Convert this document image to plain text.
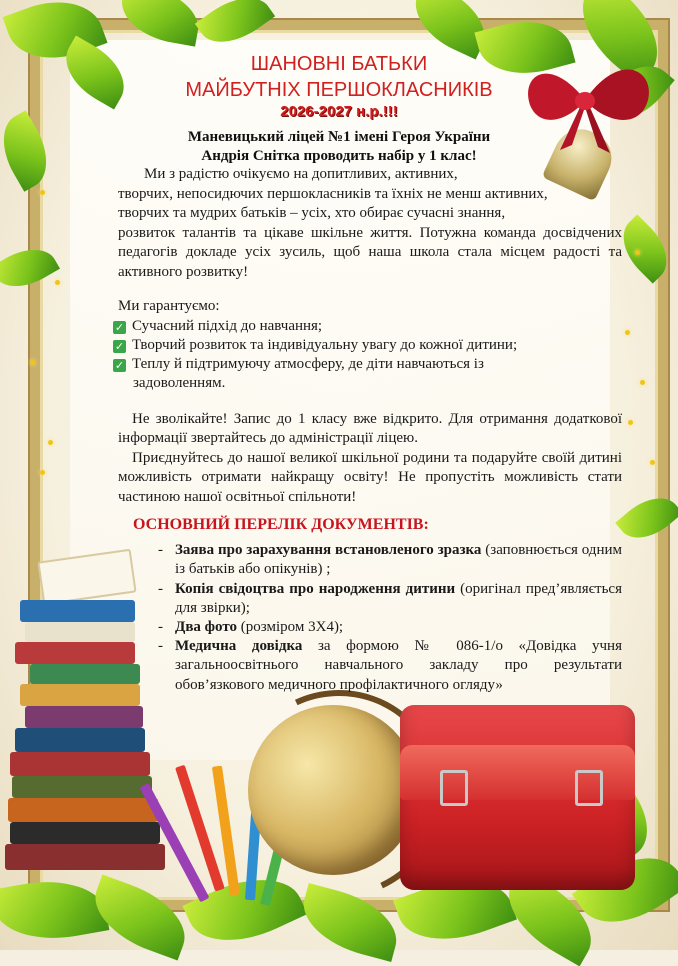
ШАНОВНІ БАТЬКИ
МАЙБУТНІХ ПЕРШОКЛАСНИКІВ
2026-2027 н.р.!!!
Маневицький ліцей №1 імені Героя України
Андрія Снітка проводить набір у 1 клас!
Ми з радістю очікуємо на допитливих, активних,
творчих, непосидючих першокласників та їхніх не менш активних,
творчих та мудрих батьків – усіх, хто обирає сучасні знання,
розвиток талантів та цікаве шкільне життя. Потужна команда досвідчених педагогів докладе усіх зусиль, щоб наша школа стала місцем радості та активного розвитку!
Ми гарантуємо:
✓ Сучасний підхід до навчання;
✓ Творчий розвиток та індивідуальну увагу до кожної дитини;
✓ Теплу й підтримуючу атмосферу, де діти навчаються із
задоволенням.
Не зволікайте! Запис до 1 класу вже відкрито. Для отримання додаткової інформації звертайтесь до адміністрації ліцею.
Приєднуйтесь до нашої великої шкільної родини та подаруйте своїй дитині можливість отримати найкращу освіту! Не пропустіть можливість стати частиною нашої освітньої спільноти!
ОСНОВНИЙ ПЕРЕЛІК ДОКУМЕНТІВ:
- Заява про зарахування встановленого зразка (заповнюється одним із батьків або опікунів) ;
- Копія свідоцтва про народження дитини (оригінал пред’являється для звірки);
- Два фото (розміром 3Х4);
- Медична довідка за формою № 086-1/о «Довідка учня загальноосвітнього навчального закладу про результати обов’язкового медичного профілактичного огляду»
